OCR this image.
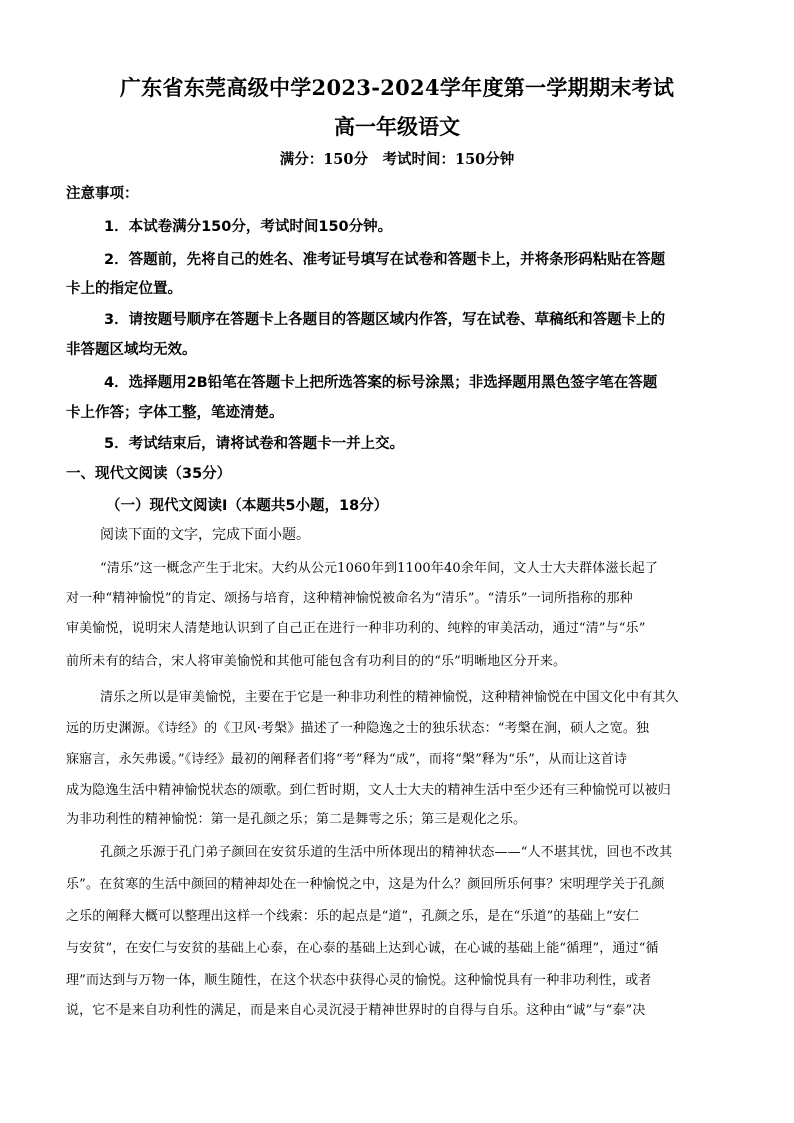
广东省东莞高级中学2023-2024学年度第一学期期末考试
高一年级语文
满分：150分　考试时间：150分钟
注意事项：
1．本试卷满分150分，考试时间150分钟。
2．答题前，先将自己的姓名、准考证号填写在试卷和答题卡上，并将条形码粘贴在答题
卡上的指定位置。
3．请按题号顺序在答题卡上各题目的答题区域内作答，写在试卷、草稿纸和答题卡上的
非答题区域均无效。
4．选择题用2B铅笔在答题卡上把所选答案的标号涂黑；非选择题用黑色签字笔在答题
卡上作答；字体工整，笔迹清楚。
5．考试结束后，请将试卷和答题卡一并上交。
一、现代文阅读（35分）
（一）现代文阅读Ⅰ（本题共5小题，18分）
阅读下面的文字，完成下面小题。
“清乐”这一概念产生于北宋。大约从公元1060年到1100年40余年间，文人士大夫群体滋长起了
对一种“精神愉悦”的肯定、颂扬与培育，这种精神愉悦被命名为“清乐”。“清乐”一词所指称的那种
审美愉悦，说明宋人清楚地认识到了自己正在进行一种非功利的、纯粹的审美活动，通过“清”与“乐”
前所未有的结合，宋人将审美愉悦和其他可能包含有功利目的的“乐”明晰地区分开来。
清乐之所以是审美愉悦，主要在于它是一种非功利性的精神愉悦，这种精神愉悦在中国文化中有其久
远的历史渊源。《诗经》的《卫风·考槃》描述了一种隐逸之士的独乐状态：“考槃在涧，硕人之宽。独
寐寤言，永矢弗谖。”《诗经》最初的阐释者们将“考”释为“成”，而将“槃”释为“乐”，从而让这首诗
成为隐逸生活中精神愉悦状态的颂歌。到仁哲时期，文人士大夫的精神生活中至少还有三种愉悦可以被归
为非功利性的精神愉悦：第一是孔颜之乐；第二是舞雩之乐；第三是观化之乐。
孔颜之乐源于孔门弟子颜回在安贫乐道的生活中所体现出的精神状态——“人不堪其忧，回也不改其
乐”。在贫寒的生活中颜回的精神却处在一种愉悦之中，这是为什么？颜回所乐何事？宋明理学关于孔颜
之乐的阐释大概可以整理出这样一个线索：乐的起点是“道”，孔颜之乐，是在“乐道”的基础上“安仁
与安贫”，在安仁与安贫的基础上心泰，在心泰的基础上达到心诚，在心诚的基础上能“循理”，通过“循
理”而达到与万物一体，顺生随性，在这个状态中获得心灵的愉悦。这种愉悦具有一种非功利性，或者
说，它不是来自功利性的满足，而是来自心灵沉浸于精神世界时的自得与自乐。这种由“诚”与“泰”决
